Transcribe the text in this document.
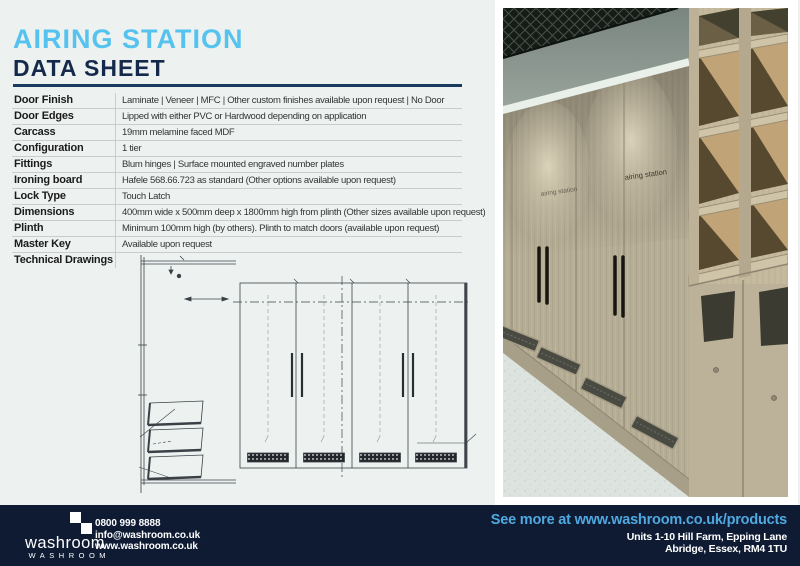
AIRING STATION
DATA SHEET
Door Finish	Laminate | Veneer | MFC | Other custom finishes available upon request | No Door
Door Edges	Lipped with either PVC or Hardwood depending on application
Carcass	19mm melamine faced MDF
Configuration	1 tier
Fittings	Blum hinges | Surface mounted engraved number plates
Ironing board	Hafele 568.66.723 as standard (Other options available upon request)
Lock Type	Touch Latch
Dimensions	400mm wide x 500mm deep x 1800mm high from plinth (Other sizes available upon request)
Plinth	Minimum 100mm high (by others). Plinth to match doors (available upon request)
Master Key	Available upon request
Technical Drawings
airing station
airing station
washroom
WASHROOM
0800 999 8888
info@washroom.co.uk
www.washroom.co.uk
See more at www.washroom.co.uk/products
Units 1-10 Hill Farm, Epping Lane
Abridge, Essex, RM4 1TU
